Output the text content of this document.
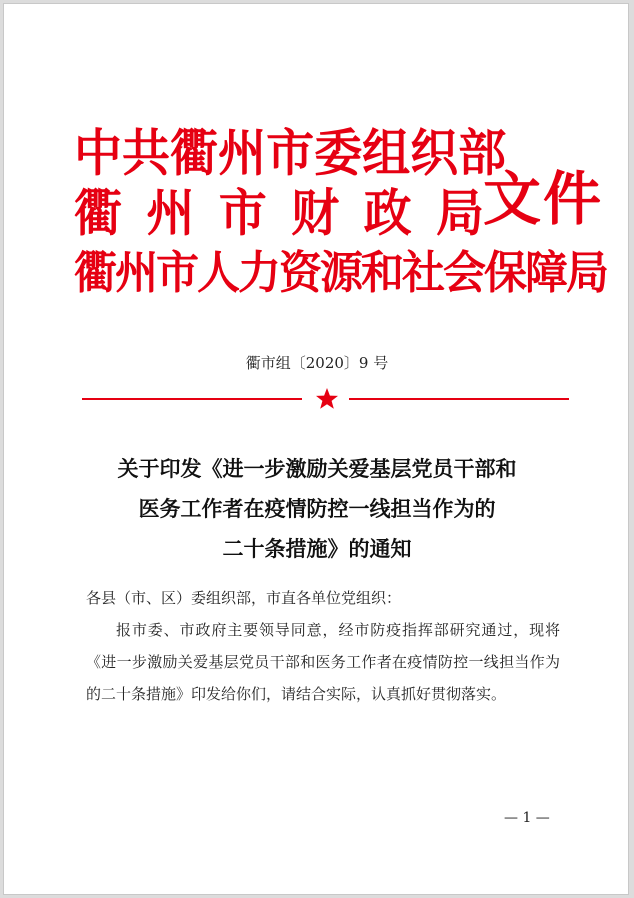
中 共 衢 州 市 委 组 织 部
衢 州 市 财 政 局
衢 州 市 人 力 资 源 和 社 会 保 障 局
文件
衢市组〔2020〕9 号
关于印发《进一步激励关爱基层党员干部和
医务工作者在疫情防控一线担当作为的
二十条措施》的通知

各县（市、区）委组织部，市直各单位党组织：

报市委、市政府主要领导同意，经市防疫指挥部研究通过，现将《进一步激励关爱基层党员干部和医务工作者在疫情防控一线担当作为的二十条措施》印发给你们，请结合实际，认真抓好贯彻落实。

— 1 —
